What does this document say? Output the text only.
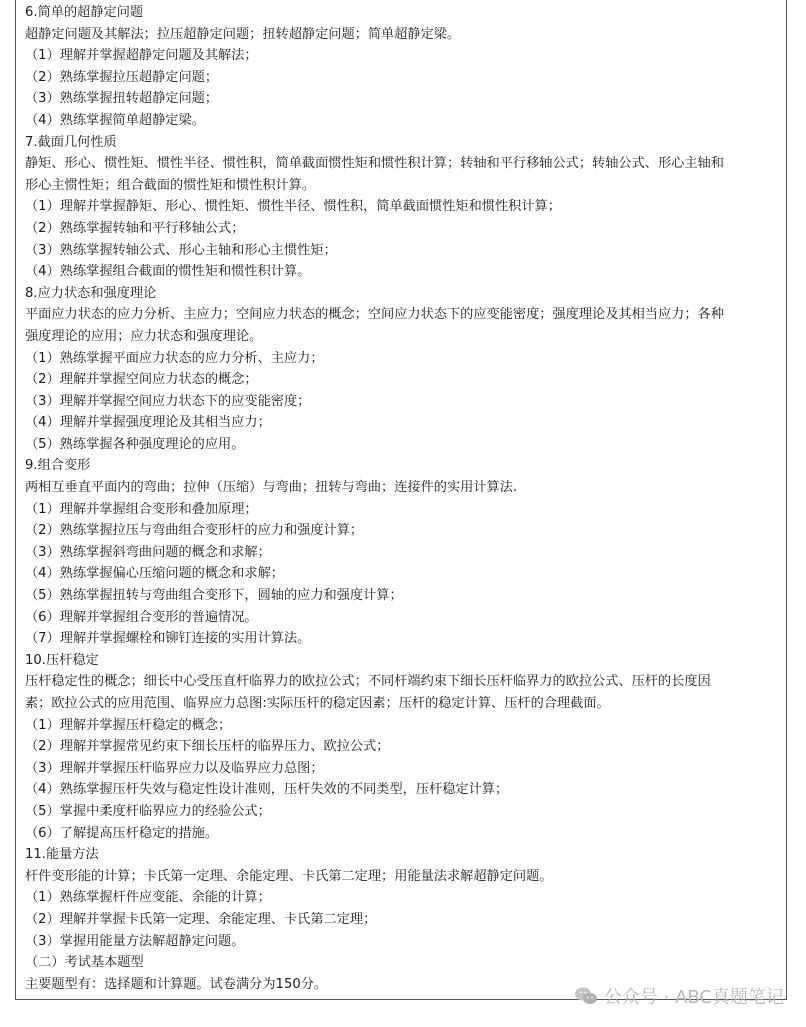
6.简单的超静定问题
超静定问题及其解法；拉压超静定问题；扭转超静定问题；简单超静定梁。
（1）理解并掌握超静定问题及其解法；
（2）熟练掌握拉压超静定问题；
（3）熟练掌握扭转超静定问题；
（4）熟练掌握简单超静定梁。
7.截面几何性质
静矩、形心、惯性矩、惯性半径、惯性积，简单截面惯性矩和惯性积计算；转轴和平行移轴公式；转轴公式、形心主轴和
形心主惯性矩；组合截面的惯性矩和惯性积计算。
（1）理解并掌握静矩、形心、惯性矩、惯性半径、惯性积，简单截面惯性矩和惯性积计算；
（2）熟练掌握转轴和平行移轴公式；
（3）熟练掌握转轴公式、形心主轴和形心主惯性矩；
（4）熟练掌握组合截面的惯性矩和惯性积计算。
8.应力状态和强度理论
平面应力状态的应力分析、主应力；空间应力状态的概念；空间应力状态下的应变能密度；强度理论及其相当应力；各种
强度理论的应用；应力状态和强度理论。
（1）熟练掌握平面应力状态的应力分析、主应力；
（2）理解并掌握空间应力状态的概念；
（3）理解并掌握空间应力状态下的应变能密度；
（4）理解并掌握强度理论及其相当应力；
（5）熟练掌握各种强度理论的应用。
9.组合变形
两相互垂直平面内的弯曲；拉伸（压缩）与弯曲；扭转与弯曲；连接件的实用计算法.
（1）理解并掌握组合变形和叠加原理；
（2）熟练掌握拉压与弯曲组合变形杆的应力和强度计算；
（3）熟练掌握斜弯曲问题的概念和求解；
（4）熟练掌握偏心压缩问题的概念和求解；
（5）熟练掌握扭转与弯曲组合变形下，圆轴的应力和强度计算；
（6）理解并掌握组合变形的普遍情况。
（7）理解并掌握螺栓和铆钉连接的实用计算法。
10.压杆稳定
压杆稳定性的概念；细长中心受压直杆临界力的欧拉公式；不同杆端约束下细长压杆临界力的欧拉公式、压杆的长度因
素；欧拉公式的应用范围、临界应力总图:实际压杆的稳定因素；压杆的稳定计算、压杆的合理截面。
（1）理解并掌握压杆稳定的概念；
（2）理解并掌握常见约束下细长压杆的临界压力、欧拉公式；
（3）理解并掌握压杆临界应力以及临界应力总图；
（4）熟练掌握压杆失效与稳定性设计准则，压杆失效的不同类型，压杆稳定计算；
（5）掌握中柔度杆临界应力的经验公式；
（6）了解提高压杆稳定的措施。
11.能量方法
杆件变形能的计算；卡氏第一定理、余能定理、卡氏第二定理；用能量法求解超静定问题。
（1）熟练掌握杆件应变能、余能的计算；
（2）理解并掌握卡氏第一定理、余能定理、卡氏第二定理；
（3）掌握用能量方法解超静定问题。
（二）考试基本题型
主要题型有：选择题和计算题。试卷满分为150分。
公众号 · ABC真题笔记
